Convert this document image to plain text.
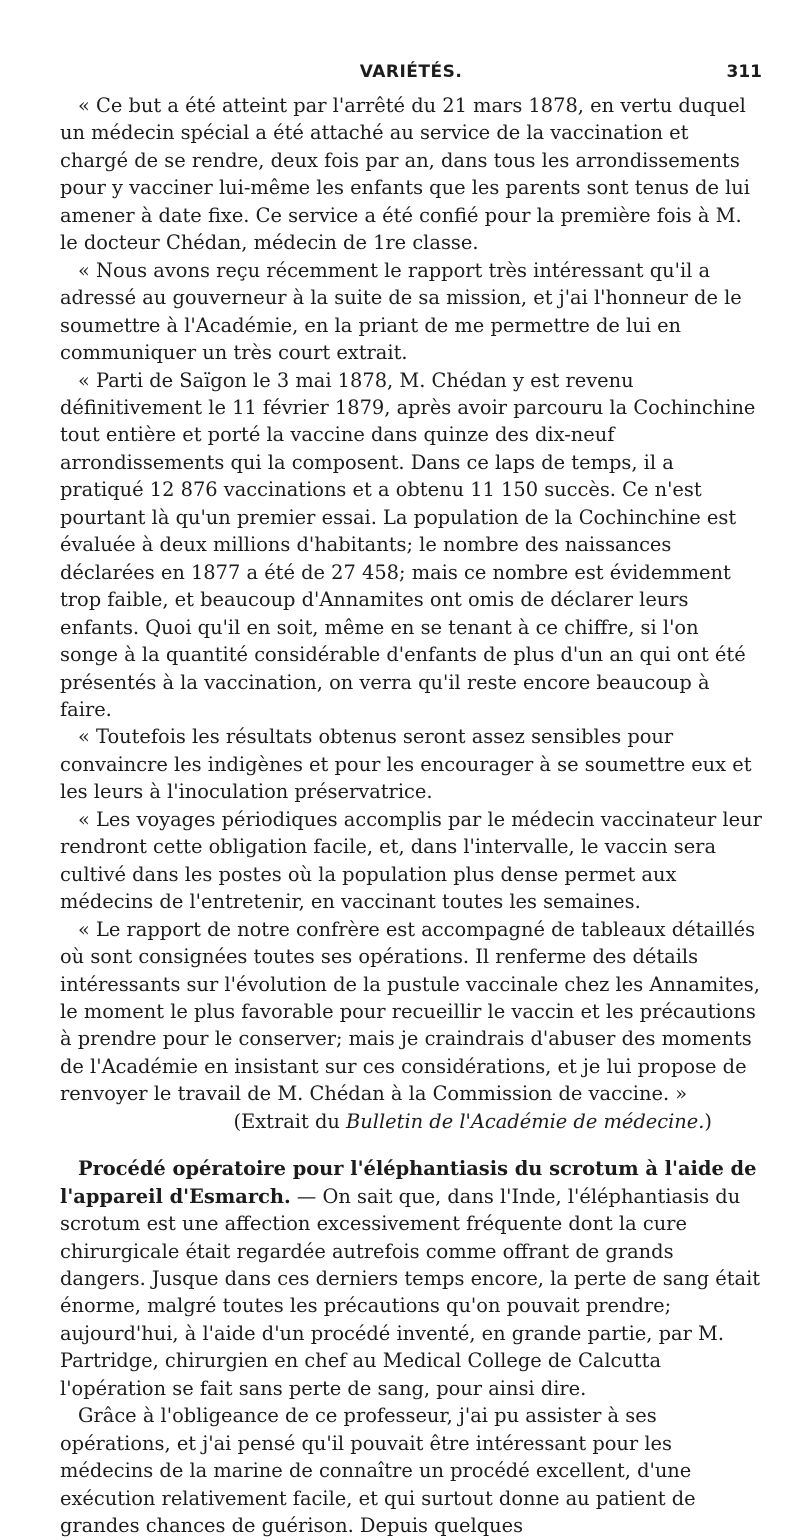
VARIÉTÉS.	311

« Ce but a été atteint par l'arrêté du 21 mars 1878, en vertu duquel un médecin spécial a été attaché au service de la vaccination et chargé de se rendre, deux fois par an, dans tous les arrondissements pour y vacciner lui-même les enfants que les parents sont tenus de lui amener à date fixe. Ce service a été confié pour la première fois à M. le docteur Chédan, médecin de 1re classe.

« Nous avons reçu récemment le rapport très intéressant qu'il a adressé au gouverneur à la suite de sa mission, et j'ai l'honneur de le soumettre à l'Académie, en la priant de me permettre de lui en communiquer un très court extrait.

« Parti de Saïgon le 3 mai 1878, M. Chédan y est revenu définitivement le 11 février 1879, après avoir parcouru la Cochinchine tout entière et porté la vaccine dans quinze des dix-neuf arrondissements qui la composent. Dans ce laps de temps, il a pratiqué 12 876 vaccinations et a obtenu 11 150 succès. Ce n'est pourtant là qu'un premier essai. La population de la Cochinchine est évaluée à deux millions d'habitants; le nombre des naissances déclarées en 1877 a été de 27 458; mais ce nombre est évidemment trop faible, et beaucoup d'Annamites ont omis de déclarer leurs enfants. Quoi qu'il en soit, même en se tenant à ce chiffre, si l'on songe à la quantité considérable d'enfants de plus d'un an qui ont été présentés à la vaccination, on verra qu'il reste encore beaucoup à faire.

« Toutefois les résultats obtenus seront assez sensibles pour convaincre les indigènes et pour les encourager à se soumettre eux et les leurs à l'inoculation préservatrice.

« Les voyages périodiques accomplis par le médecin vaccinateur leur rendront cette obligation facile, et, dans l'intervalle, le vaccin sera cultivé dans les postes où la population plus dense permet aux médecins de l'entretenir, en vaccinant toutes les semaines.

« Le rapport de notre confrère est accompagné de tableaux détaillés où sont consignées toutes ses opérations. Il renferme des détails intéressants sur l'évolution de la pustule vaccinale chez les Annamites, le moment le plus favorable pour recueillir le vaccin et les précautions à prendre pour le conserver; mais je craindrais d'abuser des moments de l'Académie en insistant sur ces considérations, et je lui propose de renvoyer le travail de M. Chédan à la Commission de vaccine. »

(Extrait du Bulletin de l'Académie de médecine.)

Procédé opératoire pour l'éléphantiasis du scrotum à l'aide de l'appareil d'Esmarch. — On sait que, dans l'Inde, l'éléphantiasis du scrotum est une affection excessivement fréquente dont la cure chirurgicale était regardée autrefois comme offrant de grands dangers. Jusque dans ces derniers temps encore, la perte de sang était énorme, malgré toutes les précautions qu'on pouvait prendre; aujourd'hui, à l'aide d'un procédé inventé, en grande partie, par M. Partridge, chirurgien en chef au Medical College de Calcutta l'opération se fait sans perte de sang, pour ainsi dire.

Grâce à l'obligeance de ce professeur, j'ai pu assister à ses opérations, et j'ai pensé qu'il pouvait être intéressant pour les médecins de la marine de connaître un procédé excellent, d'une exécution relativement facile, et qui surtout donne au patient de grandes chances de guérison. Depuis quelques
